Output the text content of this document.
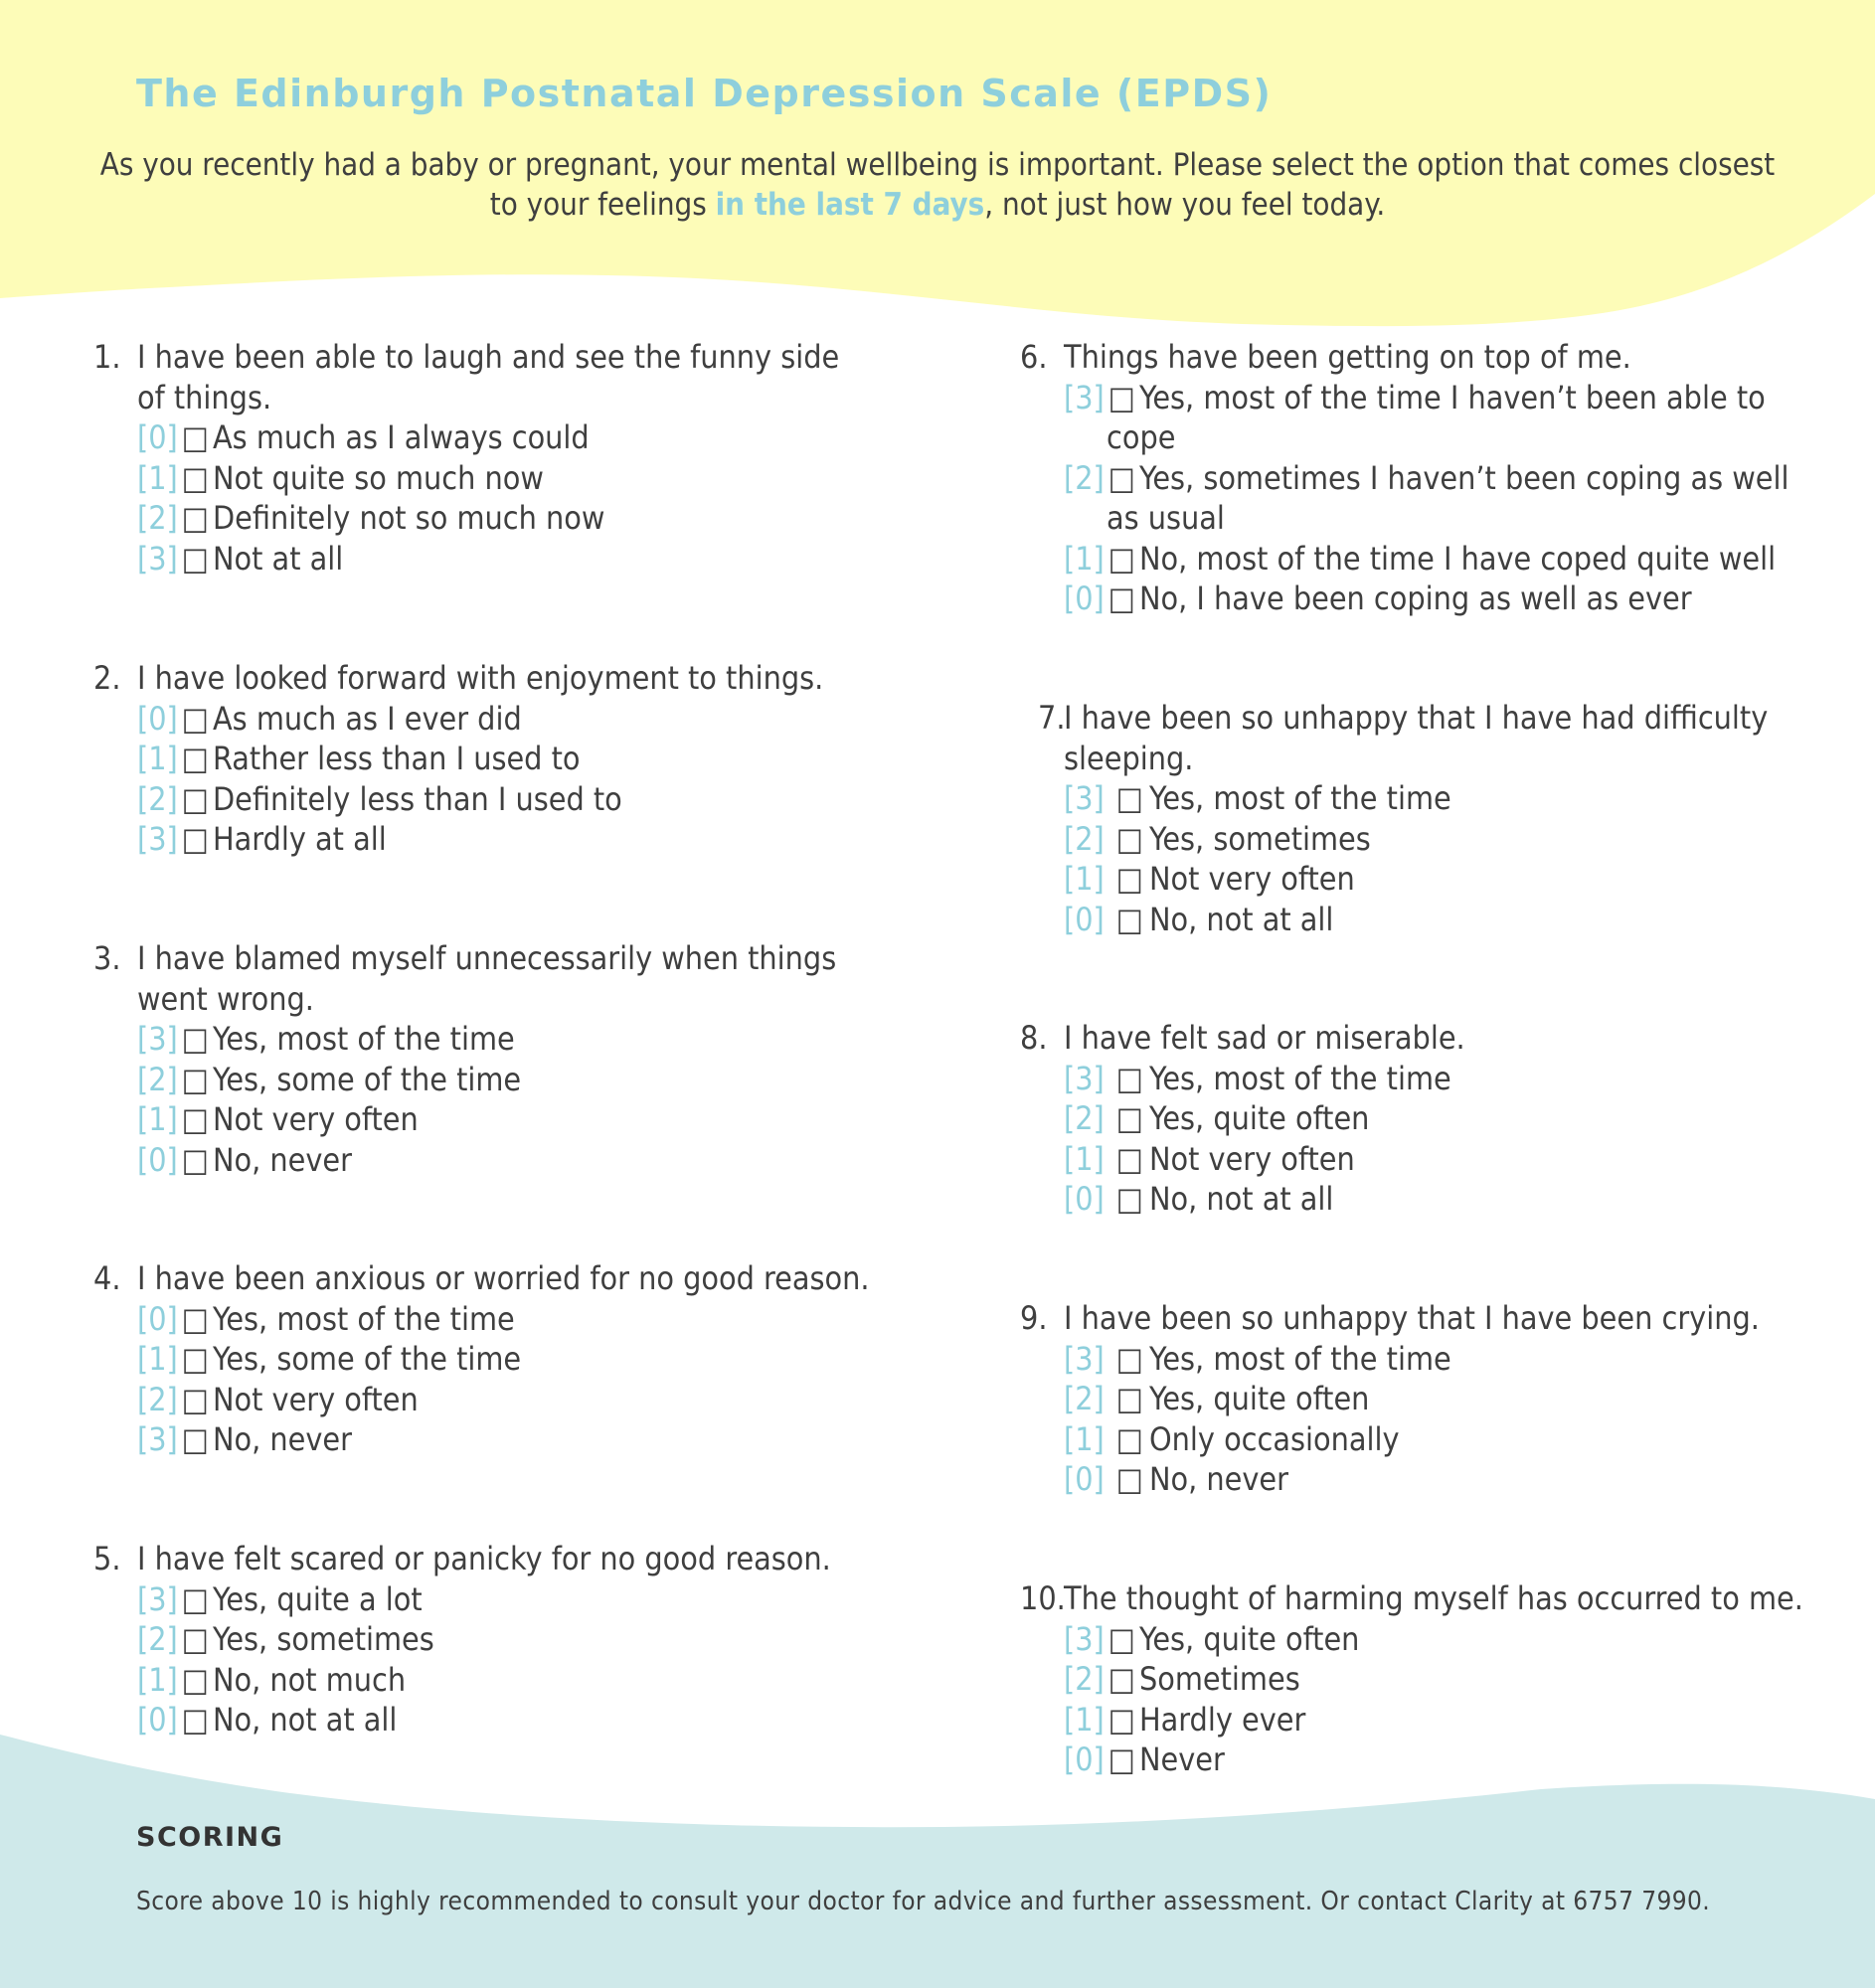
The Edinburgh Postnatal Depression Scale (EPDS)

As you recently had a baby or pregnant, your mental wellbeing is important. Please select the option that comes closest to your feelings in the last 7 days, not just how you feel today.

1. I have been able to laugh and see the funny side of things.
[0] □ As much as I always could
[1] □ Not quite so much now
[2] □ Definitely not so much now
[3] □ Not at all
2. I have looked forward with enjoyment to things.
[0] □ As much as I ever did
[1] □ Rather less than I used to
[2] □ Definitely less than I used to
[3] □ Hardly at all
3. I have blamed myself unnecessarily when things went wrong.
[3] □ Yes, most of the time
[2] □ Yes, some of the time
[1] □ Not very often
[0] □ No, never
4. I have been anxious or worried for no good reason.
[0] □ Yes, most of the time
[1] □ Yes, some of the time
[2] □ Not very often
[3] □ No, never
5. I have felt scared or panicky for no good reason.
[3] □ Yes, quite a lot
[2] □ Yes, sometimes
[1] □ No, not much
[0] □ No, not at all
6. Things have been getting on top of me.
[3] □ Yes, most of the time I haven’t been able to cope
[2] □ Yes, sometimes I haven’t been coping as well as usual
[1] □ No, most of the time I have coped quite well
[0] □ No, I have been coping as well as ever
7.
I have been so unhappy that I have had difficulty sleeping.
[3] □ Yes, most of the time
[2] □ Yes, sometimes
[1] □ Not very often
[0] □ No, not at all
8. I have felt sad or miserable.
[3] □ Yes, most of the time
[2] □ Yes, quite often
[1] □ Not very often
[0] □ No, not at all
9. I have been so unhappy that I have been crying.
[3] □ Yes, most of the time
[2] □ Yes, quite often
[1] □ Only occasionally
[0] □ No, never
10.
The thought of harming myself has occurred to me.
[3] □ Yes, quite often
[2] □ Sometimes
[1] □ Hardly ever
[0] □ Never
SCORING

Score above 10 is highly recommended to consult your doctor for advice and further assessment. Or contact Clarity at 6757 7990.
